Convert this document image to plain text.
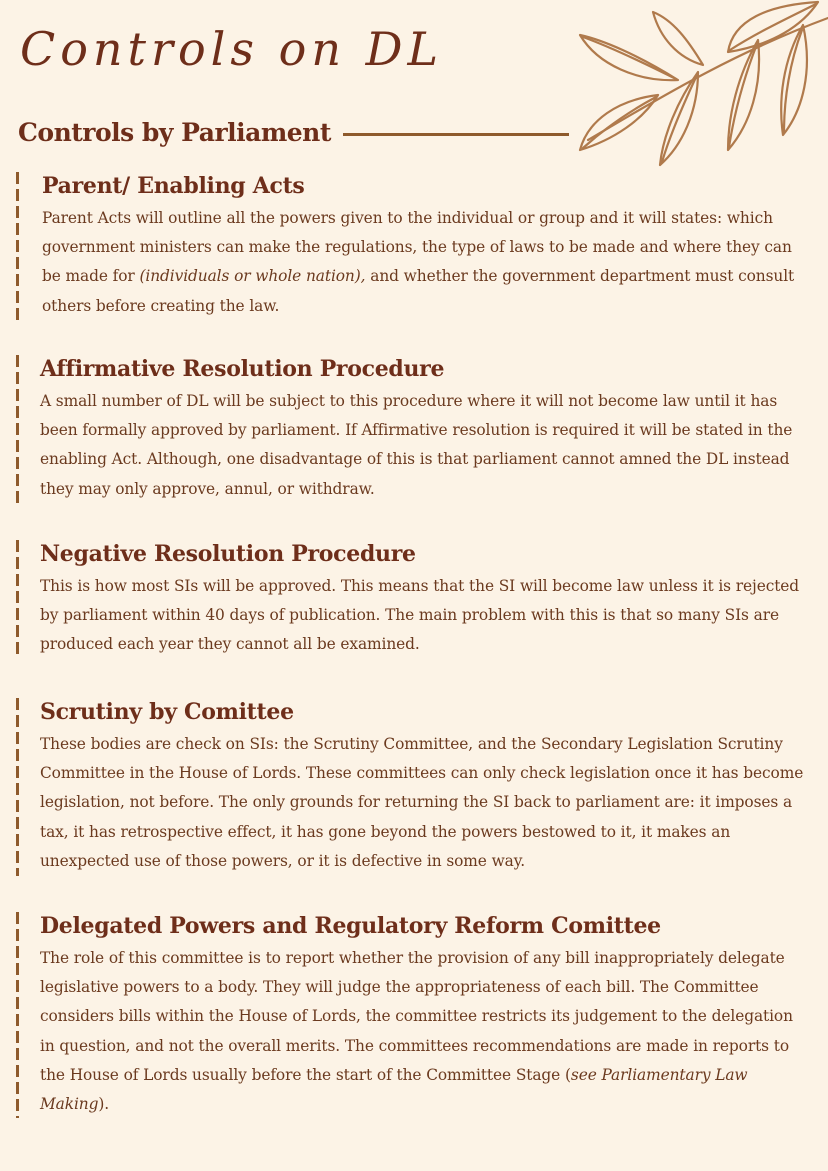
Controls on DL
Controls by Parliament
Parent/ Enabling Acts

Parent Acts will outline all the powers given to the individual or group and it will states: which government ministers can make the regulations, the type of laws to be made and where they can be made for (individuals or whole nation), and whether the government department must consult others before creating the law.

Affirmative Resolution Procedure

A small number of DL will be subject to this procedure where it will not become law until it has been formally approved by parliament. If Affirmative resolution is required it will be stated in the enabling Act. Although, one disadvantage of this is that parliament cannot amned the DL instead they may only approve, annul, or withdraw.

Negative Resolution Procedure

This is how most SIs will be approved. This means that the SI will become law unless it is rejected by parliament within 40 days of publication. The main problem with this is that so many SIs are produced each year they cannot all be examined.

Scrutiny by Comittee

These bodies are check on SIs: the Scrutiny Committee, and the Secondary Legislation Scrutiny Committee in the House of Lords. These committees can only check legislation once it has become legislation, not before. The only grounds for returning the SI back to parliament are: it imposes a tax, it has retrospective effect, it has gone beyond the powers bestowed to it, it makes an unexpected use of those powers, or it is defective in some way.

Delegated Powers and Regulatory Reform Comittee

The role of this committee is to report whether the provision of any bill inappropriately delegate legislative powers to a body. They will judge the appropriateness of each bill. The Committee considers bills within the House of Lords, the committee restricts its judgement to the delegation in question, and not the overall merits. The committees recommendations are made in reports to the House of Lords usually before the start of the Committee Stage (see Parliamentary Law Making).
